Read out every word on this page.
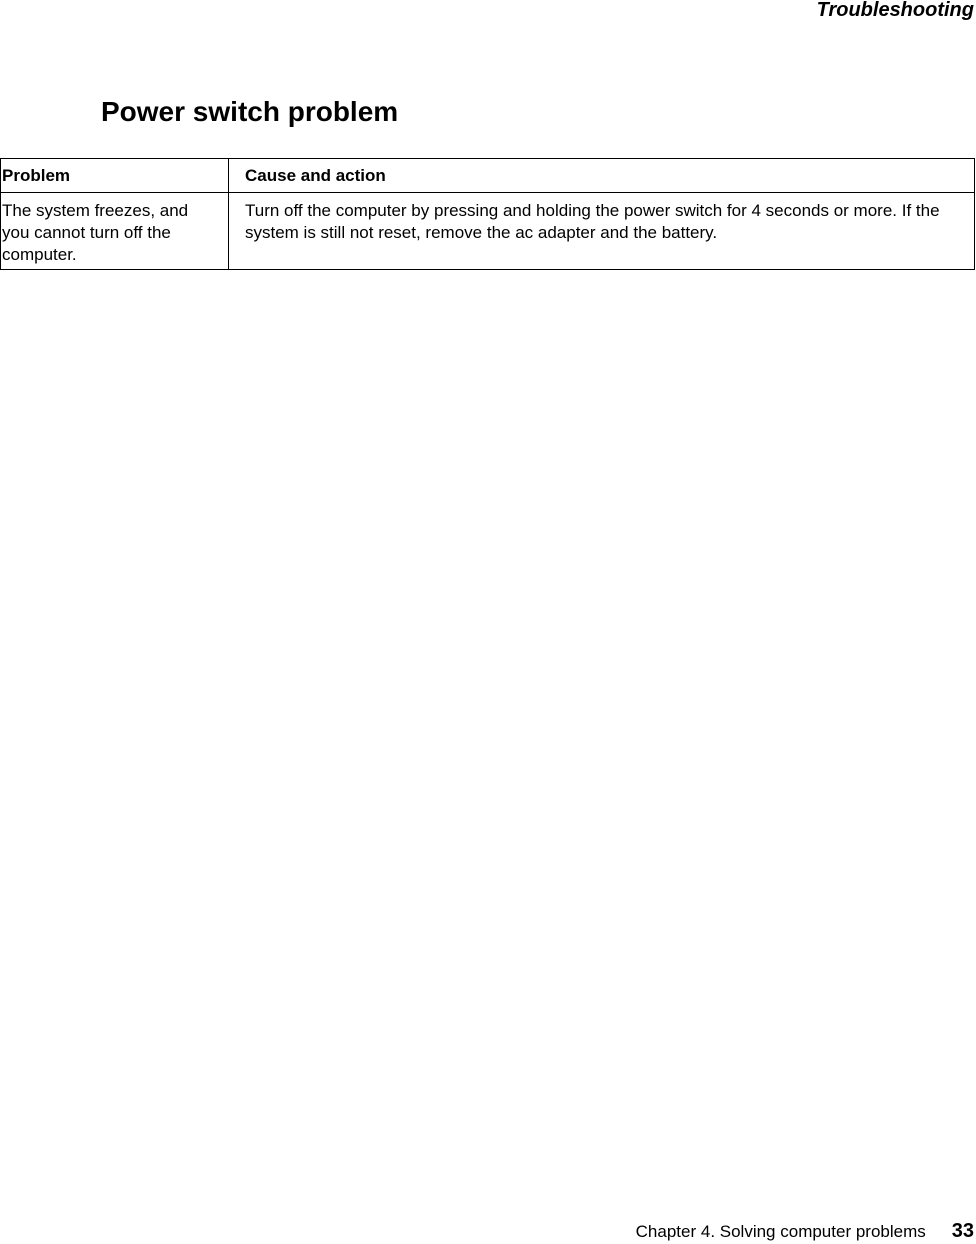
Troubleshooting
Power switch problem
Problem	Cause and action
The system freezes, and you cannot turn off the computer.	Turn off the computer by pressing and holding the power switch for 4 seconds or more. If the system is still not reset, remove the ac adapter and the battery.
Chapter 4. Solving computer problems 33
